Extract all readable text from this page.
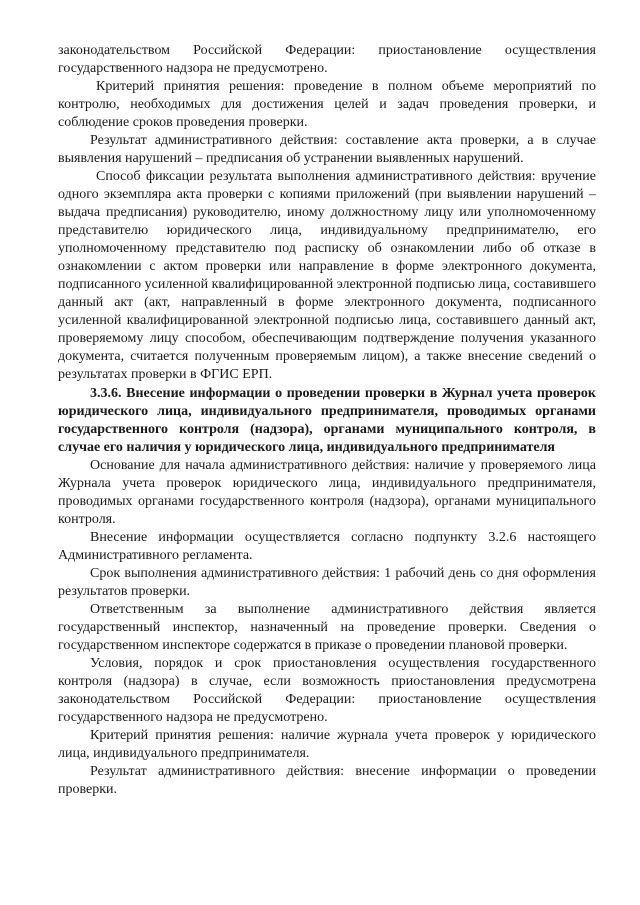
законодательством Российской Федерации: приостановление осуществления государственного надзора не предусмотрено.

Критерий принятия решения: проведение в полном объеме мероприятий по контролю, необходимых для достижения целей и задач проведения проверки, и соблюдение сроков проведения проверки.

Результат административного действия: составление акта проверки, а в случае выявления нарушений – предписания об устранении выявленных нарушений.

Способ фиксации результата выполнения административного действия: вручение одного экземпляра акта проверки с копиями приложений (при выявлении нарушений – выдача предписания) руководителю, иному должностному лицу или уполномоченному представителю юридического лица, индивидуальному предпринимателю, его уполномоченному представителю под расписку об ознакомлении либо об отказе в ознакомлении с актом проверки или направление в форме электронного документа, подписанного усиленной квалифицированной электронной подписью лица, составившего данный акт (акт, направленный в форме электронного документа, подписанного усиленной квалифицированной электронной подписью лица, составившего данный акт, проверяемому лицу способом, обеспечивающим подтверждение получения указанного документа, считается полученным проверяемым лицом), а также внесение сведений о результатах проверки в ФГИС ЕРП.

3.3.6. Внесение информации о проведении проверки в Журнал учета проверок юридического лица, индивидуального предпринимателя, проводимых органами государственного контроля (надзора), органами муниципального контроля, в случае его наличия у юридического лица, индивидуального предпринимателя

Основание для начала административного действия: наличие у проверяемого лица Журнала учета проверок юридического лица, индивидуального предпринимателя, проводимых органами государственного контроля (надзора), органами муниципального контроля.

Внесение информации осуществляется согласно подпункту 3.2.6 настоящего Административного регламента.

Срок выполнения административного действия: 1 рабочий день со дня оформления результатов проверки.

Ответственным за выполнение административного действия является государственный инспектор, назначенный на проведение проверки. Сведения о государственном инспекторе содержатся в приказе о проведении плановой проверки.

Условия, порядок и срок приостановления осуществления государственного контроля (надзора) в случае, если возможность приостановления предусмотрена законодательством Российской Федерации: приостановление осуществления государственного надзора не предусмотрено.

Критерий принятия решения: наличие журнала учета проверок у юридического лица, индивидуального предпринимателя.

Результат административного действия: внесение информации о проведении проверки.
